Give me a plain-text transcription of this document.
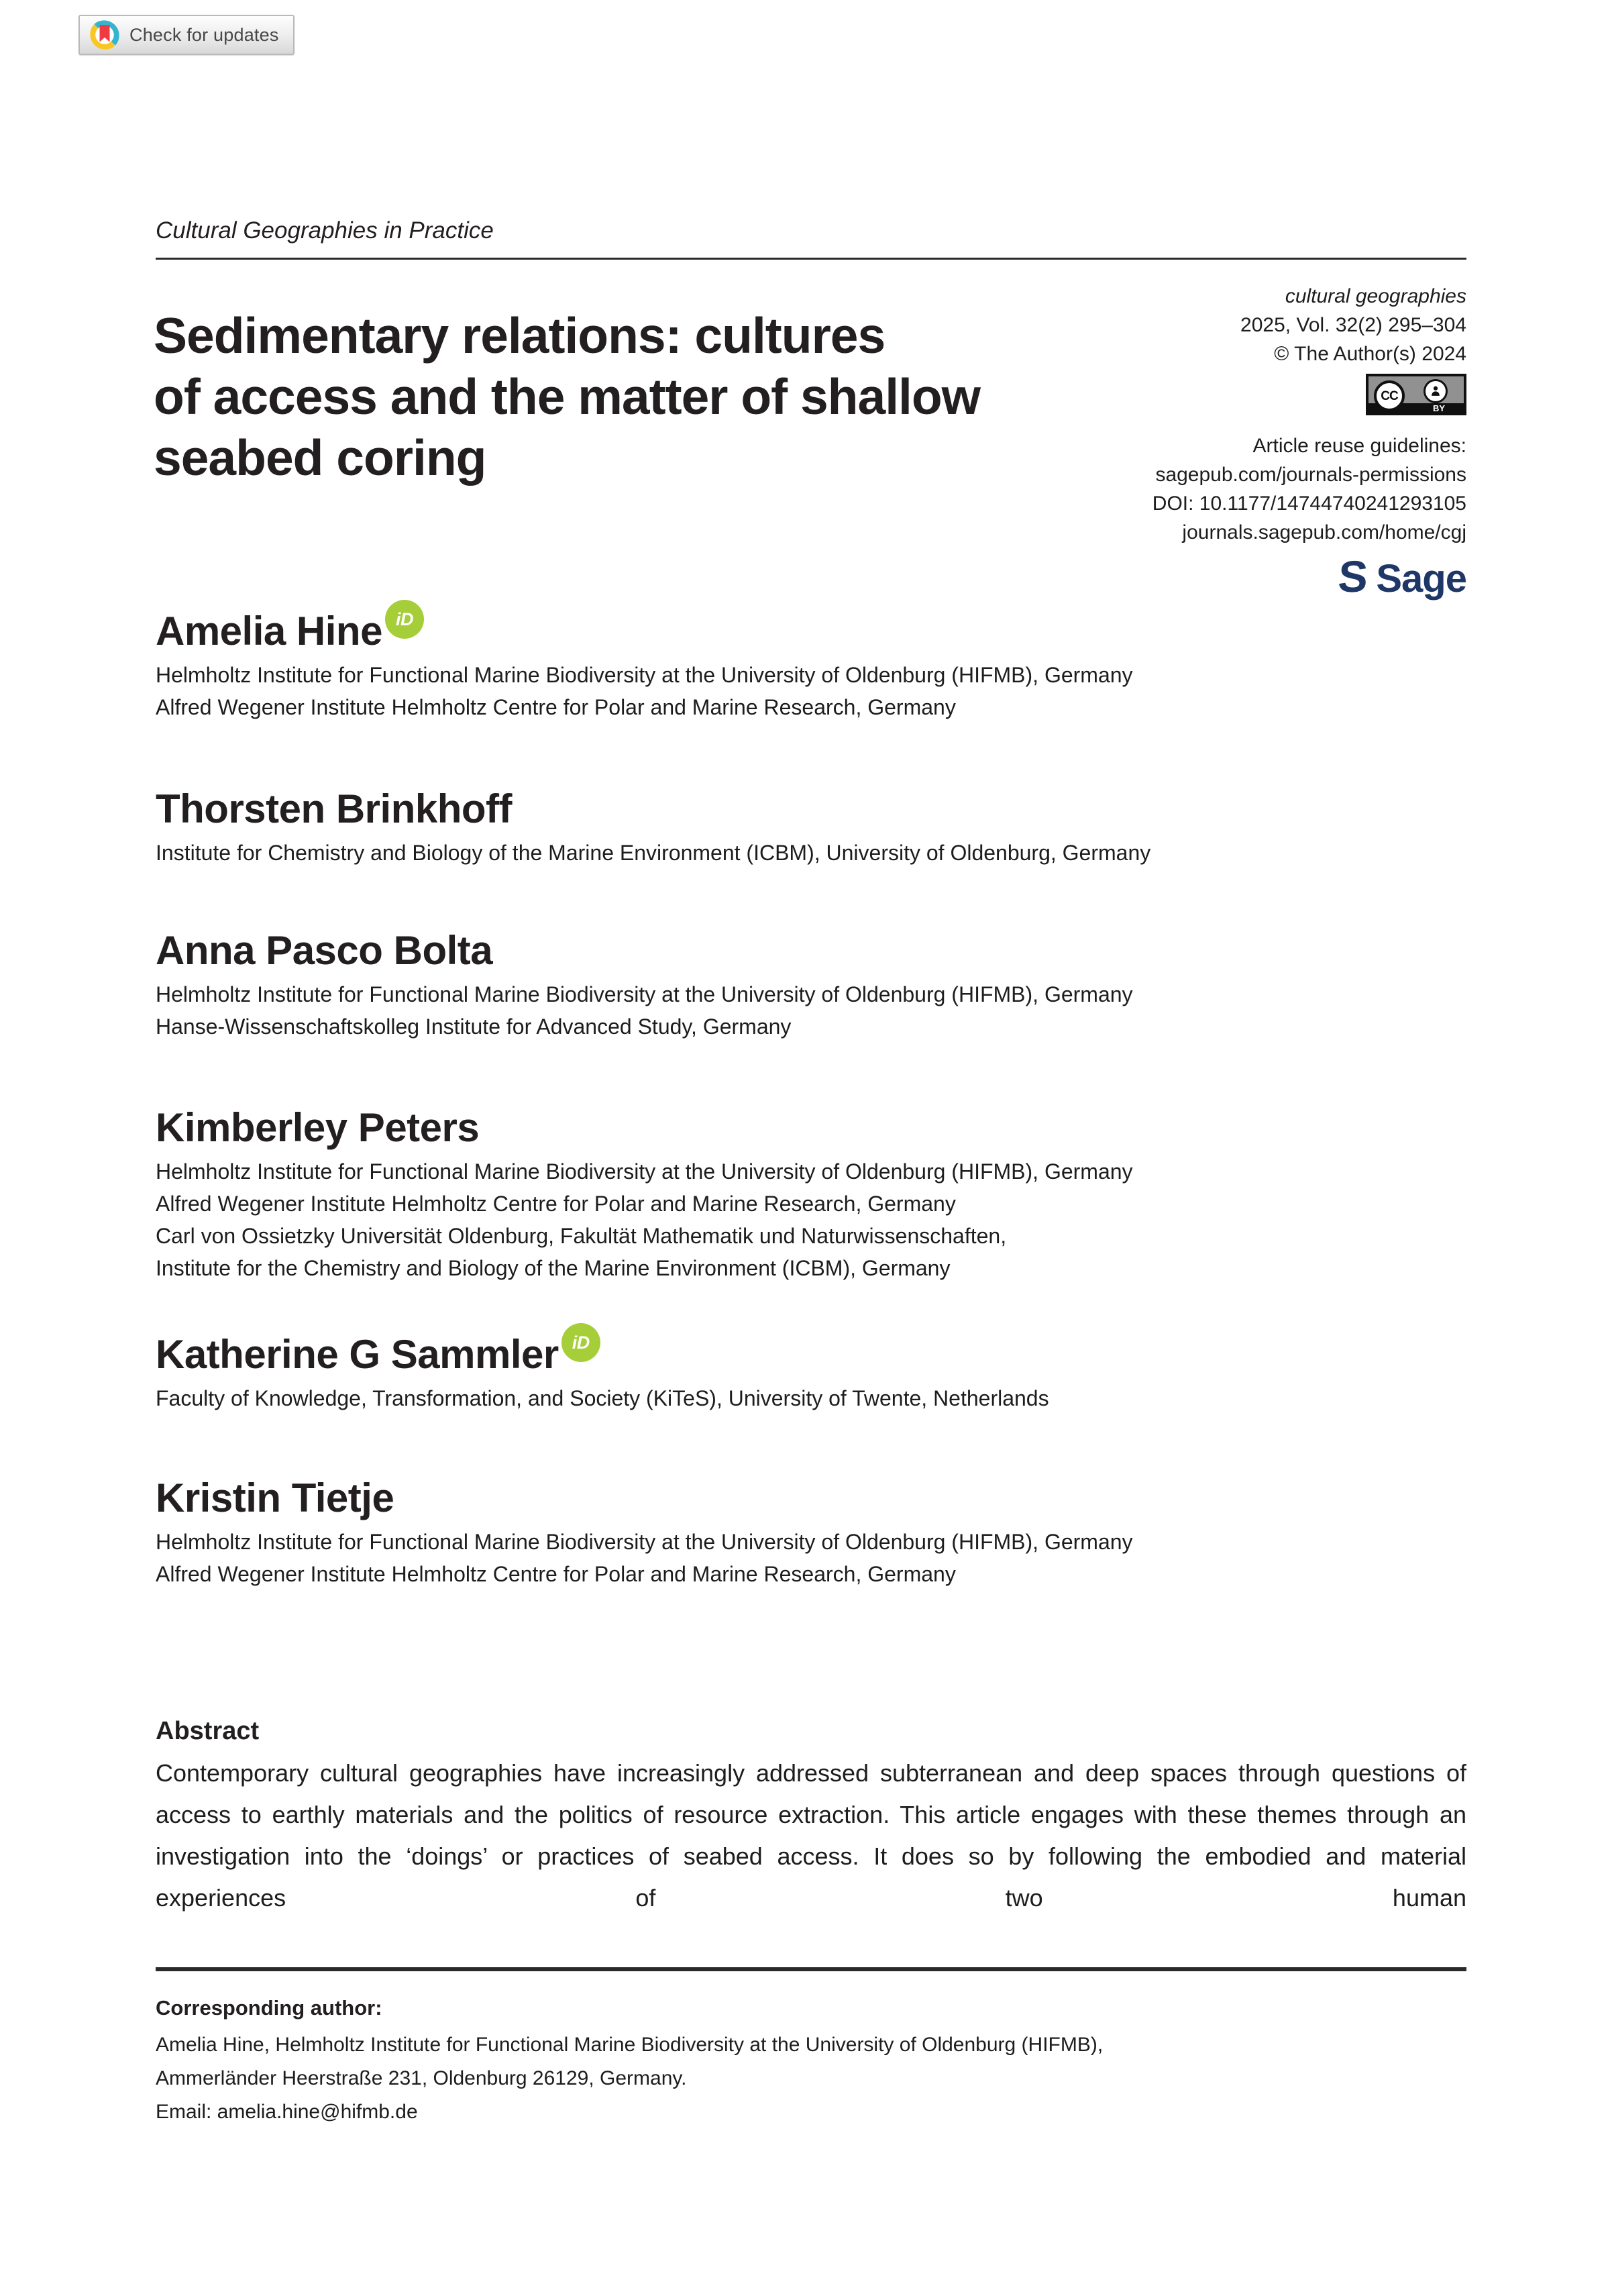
Check for updates
Cultural Geographies in Practice
Sedimentary relations: cultures
of access and the matter of shallow
seabed coring
cultural geographies
2025, Vol. 32(2) 295–304
© The Author(s) 2024
CC
BY
Article reuse guidelines:
sagepub.com/journals-permissions
DOI: 10.1177/14744740241293105
journals.sagepub.com/home/cgj
S Sage
Amelia Hine iD
Helmholtz Institute for Functional Marine Biodiversity at the University of Oldenburg (HIFMB), Germany
Alfred Wegener Institute Helmholtz Centre for Polar and Marine Research, Germany
Thorsten Brinkhoff
Institute for Chemistry and Biology of the Marine Environment (ICBM), University of Oldenburg, Germany
Anna Pasco Bolta
Helmholtz Institute for Functional Marine Biodiversity at the University of Oldenburg (HIFMB), Germany
Hanse-Wissenschaftskolleg Institute for Advanced Study, Germany
Kimberley Peters
Helmholtz Institute for Functional Marine Biodiversity at the University of Oldenburg (HIFMB), Germany
Alfred Wegener Institute Helmholtz Centre for Polar and Marine Research, Germany
Carl von Ossietzky Universität Oldenburg, Fakultät Mathematik und Naturwissenschaften,
Institute for the Chemistry and Biology of the Marine Environment (ICBM), Germany
Katherine G Sammler iD
Faculty of Knowledge, Transformation, and Society (KiTeS), University of Twente, Netherlands
Kristin Tietje
Helmholtz Institute for Functional Marine Biodiversity at the University of Oldenburg (HIFMB), Germany
Alfred Wegener Institute Helmholtz Centre for Polar and Marine Research, Germany
Abstract

Contemporary cultural geographies have increasingly addressed subterranean and deep spaces through questions of access to earthly materials and the politics of resource extraction. This article engages with these themes through an investigation into the ‘doings’ or practices of seabed access. It does so by following the embodied and material experiences of two human

Corresponding author:
Amelia Hine, Helmholtz Institute for Functional Marine Biodiversity at the University of Oldenburg (HIFMB),
Ammerländer Heerstraße 231, Oldenburg 26129, Germany.
Email: amelia.hine@hifmb.de
